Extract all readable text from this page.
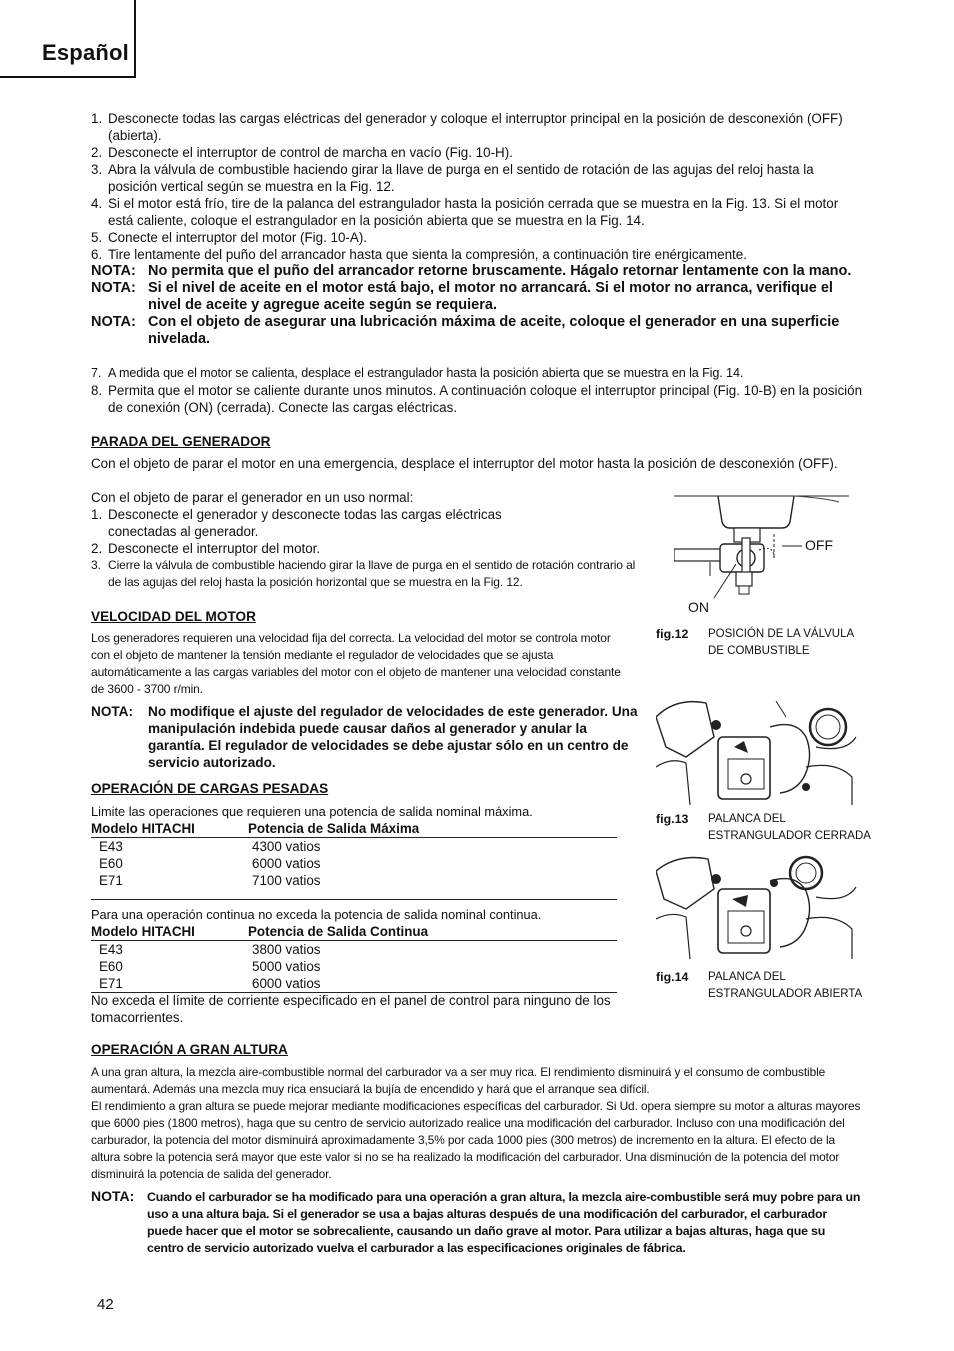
Español
1. Desconecte todas las cargas eléctricas del generador y coloque el interruptor principal en la posición de desconexión (OFF) (abierta).
2. Desconecte el interruptor de control de marcha en vacío (Fig. 10-H).
3. Abra la válvula de combustible haciendo girar la llave de purga en el sentido de rotación de las agujas del reloj hasta la posición vertical según se muestra en la Fig. 12.
4. Si el motor está frío, tire de la palanca del estrangulador hasta la posición cerrada que se muestra en la Fig. 13. Si el motor está caliente, coloque el estrangulador en la posición abierta que se muestra en la Fig. 14.
5. Conecte el interruptor del motor (Fig. 10-A).
6. Tire lentamente del puño del arrancador hasta que sienta la compresión, a continuación tire enérgicamente.
NOTA: No permita que el puño del arrancador retorne bruscamente. Hágalo retornar lentamente con la mano.
NOTA: Si el nivel de aceite en el motor está bajo, el motor no arrancará. Si el motor no arranca, verifique el nivel de aceite y agregue aceite según se requiera.
NOTA: Con el objeto de asegurar una lubricación máxima de aceite, coloque el generador en una superficie nivelada.
7. A medida que el motor se calienta, desplace el estrangulador hasta la posición abierta que se muestra en la Fig. 14.
8. Permita que el motor se caliente durante unos minutos. A continuación coloque el interruptor principal (Fig. 10-B) en la posición de conexión (ON) (cerrada). Conecte las cargas eléctricas.
PARADA DEL GENERADOR
Con el objeto de parar el motor en una emergencia, desplace el interruptor del motor hasta la posición de desconexión (OFF).
Con el objeto de parar el generador en un uso normal:
1. Desconecte el generador y desconecte todas las cargas eléctricas conectadas al generador.
2. Desconecte el interruptor del motor.
3. Cierre la válvula de combustible haciendo girar la llave de purga en el sentido de rotación contrario al de las agujas del reloj hasta la posición horizontal que se muestra en la Fig. 12.
VELOCIDAD DEL MOTOR
Los generadores requieren una velocidad fija del correcta. La velocidad del motor se controla motor con el objeto de mantener la tensión mediante el regulador de velocidades que se ajusta automáticamente a las cargas variables del motor con el objeto de mantener una velocidad constante de 3600 - 3700 r/min.
NOTA: No modifique el ajuste del regulador de velocidades de este generador. Una manipulación indebida puede causar daños al generador y anular la garantía. El regulador de velocidades se debe ajustar sólo en un centro de servicio autorizado.
OPERACIÓN DE CARGAS PESADAS
Limite las operaciones que requieren una potencia de salida nominal máxima.
Modelo HITACHI	Potencia de Salida Máxima
E43	4300 vatios
E60	6000 vatios
E71	7100 vatios
Para una operación continua no exceda la potencia de salida nominal continua.
Modelo HITACHI	Potencia de Salida Continua
E43	3800 vatios
E60	5000 vatios
E71	6000 vatios
No exceda el límite de corriente especificado en el panel de control para ninguno de los tomacorrientes.
OPERACIÓN A GRAN ALTURA
A una gran altura, la mezcla aire-combustible normal del carburador va a ser muy rica. El rendimiento disminuirá y el consumo de combustible aumentará. Además una mezcla muy rica ensuciará la bujía de encendido y hará que el arranque sea difícil.
El rendimiento a gran altura se puede mejorar mediante modificaciones específicas del carburador. Si Ud. opera siempre su motor a alturas mayores que 6000 pies (1800 metros), haga que su centro de servicio autorizado realice una modificación del carburador. Incluso con una modificación del carburador, la potencia del motor disminuirá aproximadamente 3,5% por cada 1000 pies (300 metros) de incremento en la altura. El efecto de la altura sobre la potencia será mayor que este valor si no se ha realizado la modificación del carburador. Una disminución de la potencia del motor disminuirá la potencia de salida del generador.
NOTA: Cuando el carburador se ha modificado para una operación a gran altura, la mezcla aire-combustible será muy pobre para un uso a una altura baja. Si el generador se usa a bajas alturas después de una modificación del carburador, el carburador puede hacer que el motor se sobrecaliente, causando un daño grave al motor. Para utilizar a bajas alturas, haga que su centro de servicio autorizado vuelva el carburador a las especificaciones originales de fábrica.
OFF
ON
fig.12 POSICIÓN DE LA VÁLVULA
DE COMBUSTIBLE
fig.13 PALANCA DEL
ESTRANGULADOR CERRADA
fig.14 PALANCA DEL
ESTRANGULADOR ABIERTA
42
